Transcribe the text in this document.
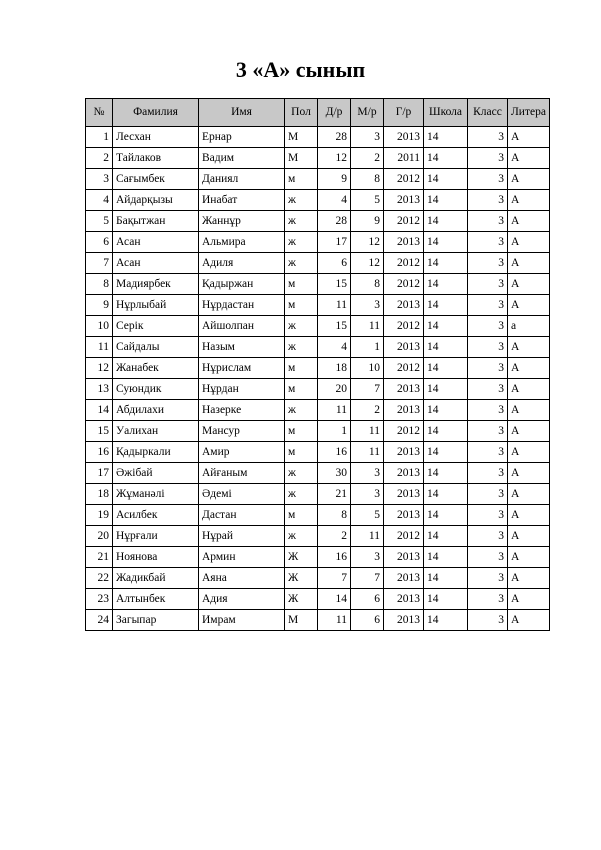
3 «А» сынып
№	Фамилия	Имя	Пол	Д/р	М/р	Г/р	Школа	Класс	Литера
1	Лесхан	Ернар	М	28	3	2013	14	3	А
2	Тайлаков	Вадим	М	12	2	2011	14	3	А
3	Сағымбек	Даниял	м	9	8	2012	14	3	А
4	Айдарқызы	Инабат	ж	4	5	2013	14	3	А
5	Бақытжан	Жаннұр	ж	28	9	2012	14	3	А
6	Асан	Альмира	ж	17	12	2013	14	3	А
7	Асан	Адиля	ж	6	12	2012	14	3	А
8	Мадиярбек	Қадыржан	м	15	8	2012	14	3	А
9	Нұрлыбай	Нұрдастан	м	11	3	2013	14	3	А
10	Серік	Айшолпан	ж	15	11	2012	14	3	а
11	Сайдалы	Назым	ж	4	1	2013	14	3	А
12	Жанабек	Нұрислам	м	18	10	2012	14	3	А
13	Суюндик	Нұрдан	м	20	7	2013	14	3	А
14	Абдилахи	Назерке	ж	11	2	2013	14	3	А
15	Уалихан	Мансур	м	1	11	2012	14	3	А
16	Қадыркали	Амир	м	16	11	2013	14	3	А
17	Әжібай	Айғаным	ж	30	3	2013	14	3	А
18	Жұманәлі	Әдемі	ж	21	3	2013	14	3	А
19	Асилбек	Дастан	м	8	5	2013	14	3	А
20	Нұрғали	Нұрай	ж	2	11	2012	14	3	А
21	Ноянова	Армин	Ж	16	3	2013	14	3	А
22	Жадикбай	Аяна	Ж	7	7	2013	14	3	А
23	Алтынбек	Адия	Ж	14	6	2013	14	3	А
24	Загыпар	Имрам	М	11	6	2013	14	3	А
